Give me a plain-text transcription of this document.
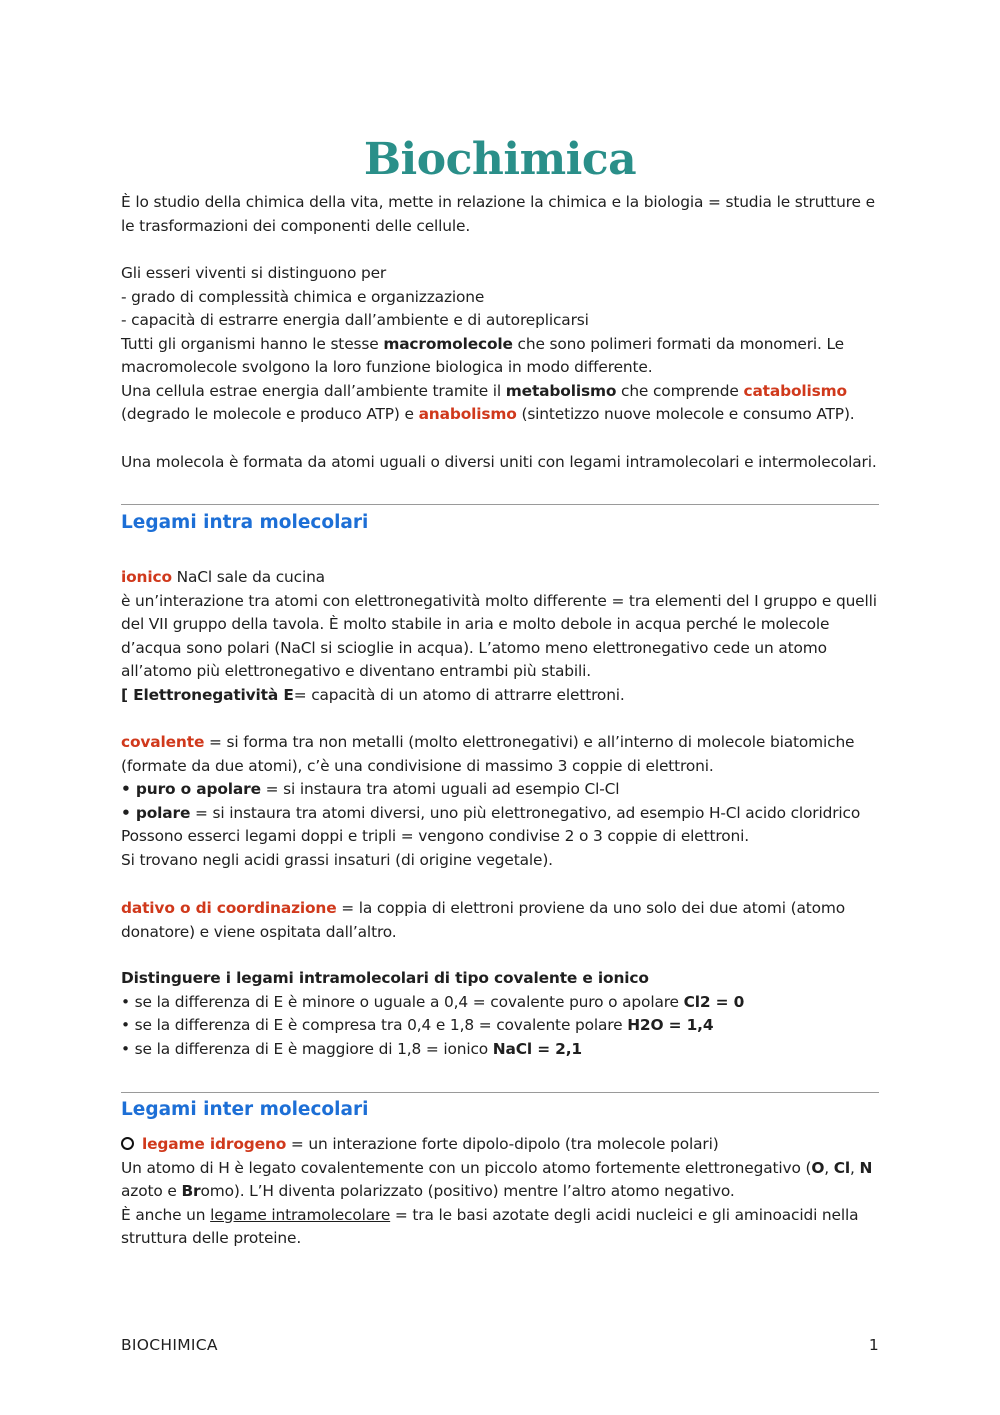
Biochimica

È lo studio della chimica della vita, mette in relazione la chimica e la biologia = studia le strutture e le trasformazioni dei componenti delle cellule.

Gli esseri viventi si distinguono per

- grado di complessità chimica e organizzazione

- capacità di estrarre energia dall’ambiente e di autoreplicarsi

Tutti gli organismi hanno le stesse macromolecole che sono polimeri formati da monomeri. Le macromolecole svolgono la loro funzione biologica in modo differente.

Una cellula estrae energia dall’ambiente tramite il metabolismo che comprende catabolismo (degrado le molecole e produco ATP) e anabolismo (sintetizzo nuove molecole e consumo ATP).

Una molecola è formata da atomi uguali o diversi uniti con legami intramolecolari e intermolecolari.

Legami intra molecolari

ionico NaCl sale da cucina

è un’interazione tra atomi con elettronegatività molto differente = tra elementi del I gruppo e quelli del VII gruppo della tavola. È molto stabile in aria e molto debole in acqua perché le molecole d’acqua sono polari (NaCl si scioglie in acqua). L’atomo meno elettronegativo cede un atomo all’atomo più elettronegativo e diventano entrambi più stabili.

[ Elettronegatività E= capacità di un atomo di attrarre elettroni.

covalente = si forma tra non metalli (molto elettronegativi) e all’interno di molecole biatomiche (formate da due atomi), c’è una condivisione di massimo 3 coppie di elettroni.

• puro o apolare = si instaura tra atomi uguali ad esempio Cl-Cl

• polare = si instaura tra atomi diversi, uno più elettronegativo, ad esempio H-Cl acido cloridrico

Possono esserci legami doppi e tripli = vengono condivise 2 o 3 coppie di elettroni.

Si trovano negli acidi grassi insaturi (di origine vegetale).

dativo o di coordinazione = la coppia di elettroni proviene da uno solo dei due atomi (atomo donatore) e viene ospitata dall’altro.

Distinguere i legami intramolecolari di tipo covalente e ionico

• se la differenza di E è minore o uguale a 0,4 = covalente puro o apolare Cl2 = 0

• se la differenza di E è compresa tra 0,4 e 1,8 = covalente polare H2O = 1,4

• se la differenza di E è maggiore di 1,8 = ionico NaCl = 2,1

Legami inter molecolari

legame idrogeno = un interazione forte dipolo-dipolo (tra molecole polari)

Un atomo di H è legato covalentemente con un piccolo atomo fortemente elettronegativo (O, Cl, N azoto e Bromo). L’H diventa polarizzato (positivo) mentre l’altro atomo negativo.

È anche un legame intramolecolare = tra le basi azotate degli acidi nucleici e gli aminoacidi nella struttura delle proteine.

BIOCHIMICA	1
